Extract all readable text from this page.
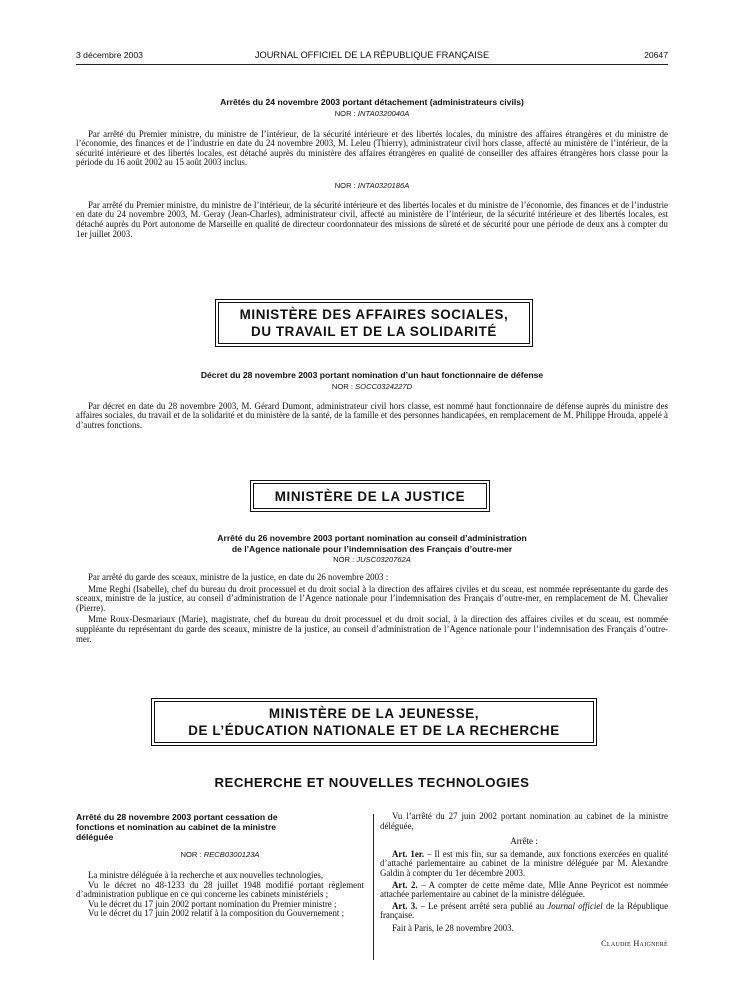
3 décembre 2003	JOURNAL OFFICIEL DE LA RÉPUBLIQUE FRANÇAISE	20647
Arrêtés du 24 novembre 2003 portant détachement (administrateurs civils)
NOR : INTA0320040A

Par arrêté du Premier ministre, du ministre de l’intérieur, de la sécurité intérieure et des libertés locales, du ministre des affaires étrangères et du ministre de l’économie, des finances et de l’industrie en date du 24 novembre 2003, M. Leleu (Thierry), administrateur civil hors classe, affecté au ministère de l’intérieur, de la sécurité intérieure et des libertés locales, est détaché auprès du ministère des affaires étrangères en qualité de conseiller des affaires étrangères hors classe pour la période du 16 août 2002 au 15 août 2003 inclus.

NOR : INTA0320186A

Par arrêté du Premier ministre, du ministre de l’intérieur, de la sécurité intérieure et des libertés locales et du ministre de l’économie, des finances et de l’industrie en date du 24 novembre 2003, M. Geray (Jean-Charles), administrateur civil, affecté au ministère de l’intérieur, de la sécurité intérieure et des libertés locales, est détaché auprès du Port autonome de Marseille en qualité de directeur coordonnateur des missions de sûreté et de sécurité pour une période de deux ans à compter du 1er juillet 2003.

MINISTÈRE DES AFFAIRES SOCIALES,
DU TRAVAIL ET DE LA SOLIDARITÉ
Décret du 28 novembre 2003 portant nomination d’un haut fonctionnaire de défense
NOR : SOCC0324227D

Par décret en date du 28 novembre 2003, M. Gérard Dumont, administrateur civil hors classe, est nommé haut fonctionnaire de défense auprès du ministre des affaires sociales, du travail et de la solidarité et du ministère de la santé, de la famille et des personnes handicapées, en remplacement de M. Philippe Hrouda, appelé à d’autres fonctions.

MINISTÈRE DE LA JUSTICE
Arrêté du 26 novembre 2003 portant nomination au conseil d’administration
de l’Agence nationale pour l’indemnisation des Français d’outre-mer
NOR : JUSC0320762A

Par arrêté du garde des sceaux, ministre de la justice, en date du 26 novembre 2003 :

Mme Reghi (Isabelle), chef du bureau du droit processuel et du droit social à la direction des affaires civiles et du sceau, est nommée représentante du garde des sceaux, ministre de la justice, au conseil d’administration de l’Agence nationale pour l’indemnisation des Français d’outre-mer, en remplacement de M. Chevalier (Pierre).

Mme Roux-Desmariaux (Marie), magistrate, chef du bureau du droit processuel et du droit social, à la direction des affaires civiles et du sceau, est nommée suppléante du représentant du garde des sceaux, ministre de la justice, au conseil d’administration de l’Agence nationale pour l’indemnisation des Français d’outre-mer.

MINISTÈRE DE LA JEUNESSE,
DE L’ÉDUCATION NATIONALE ET DE LA RECHERCHE
RECHERCHE ET NOUVELLES TECHNOLOGIES
Arrêté du 28 novembre 2003 portant cessation de
fonctions et nomination au cabinet de la ministre
déléguée
NOR : RECB0300123A

La ministre déléguée à la recherche et aux nouvelles technologies,

Vu le décret no 48-1233 du 28 juillet 1948 modifié portant règlement d’administration publique en ce qui concerne les cabinets ministériels ;

Vu le décret du 17 juin 2002 portant nomination du Premier ministre ;

Vu le décret du 17 juin 2002 relatif à la composition du Gouvernement ;

Vu l’arrêté du 27 juin 2002 portant nomination au cabinet de la ministre déléguée,

Arrête :

Art. 1er. – Il est mis fin, sur sa demande, aux fonctions exercées en qualité d’attaché parlementaire au cabinet de la ministre déléguée par M. Alexandre Galdin à compter du 1er décembre 2003.

Art. 2. – A compter de cette même date, Mlle Anne Peyricot est nommée attachée parlementaire au cabinet de la ministre déléguée.

Art. 3. – Le présent arrêté sera publié au Journal officiel de la République française.

Fait à Paris, le 28 novembre 2003.

Claudie Haigneré
